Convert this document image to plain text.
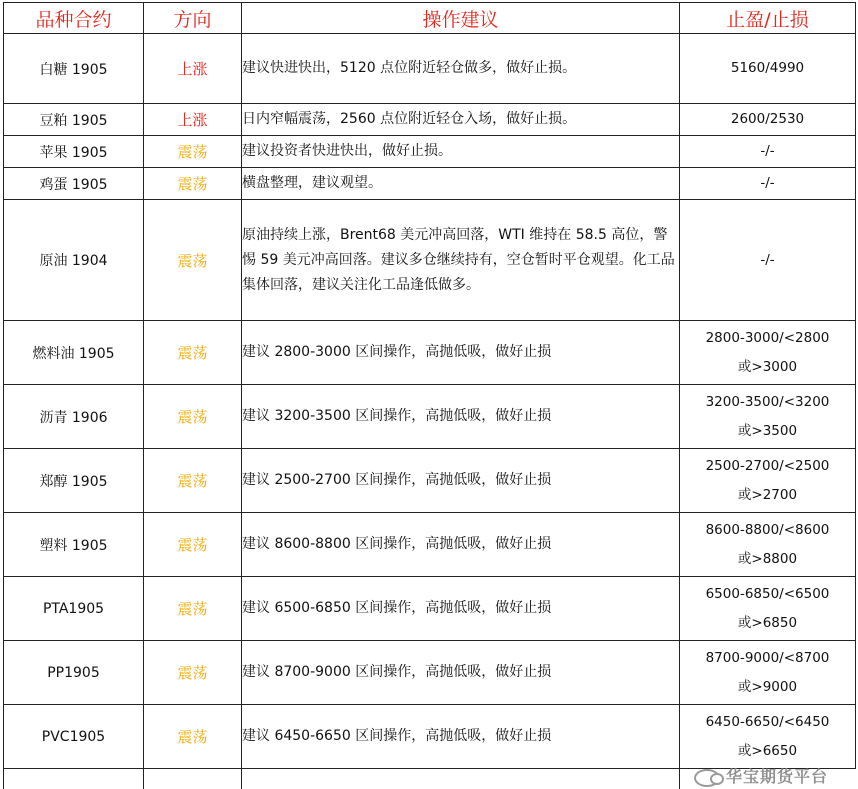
品种合约	方向	操作建议	止盈/止损
白糖 1905	上涨	建议快进快出，5120 点位附近轻仓做多，做好止损。	5160/4990

豆粕 1905	上涨	日内窄幅震荡，2560 点位附近轻仓入场，做好止损。	2600/2530

苹果 1905	震荡	建议投资者快进快出，做好止损。	-/-

鸡蛋 1905	震荡	横盘整理，建议观望。	-/-

原油 1904	震荡	原油持续上涨，Brent68 美元冲高回落，WTI 维持在 58.5 高位，警惕 59 美元冲高回落。建议多仓继续持有，空仓暂时平仓观望。化工品集体回落，建议关注化工品逢低做多。	-/-

燃料油 1905	震荡	建议 2800-3000 区间操作，高抛低吸，做好止损	2800-3000/<2800
或>3000

沥青 1906	震荡	建议 3200-3500 区间操作，高抛低吸，做好止损	3200-3500/<3200
或>3500

郑醇 1905	震荡	建议 2500-2700 区间操作，高抛低吸，做好止损	2500-2700/<2500
或>2700

塑料 1905	震荡	建议 8600-8800 区间操作，高抛低吸，做好止损	8600-8800/<8600
或>8800

PTA1905	震荡	建议 6500-6850 区间操作，高抛低吸，做好止损	6500-6850/<6500
或>6850

PP1905	震荡	建议 8700-9000 区间操作，高抛低吸，做好止损	8700-9000/<8700
或>9000

PVC1905	震荡	建议 6450-6650 区间操作，高抛低吸，做好止损	6450-6650/<6450
或>6650

华宝期货平台
